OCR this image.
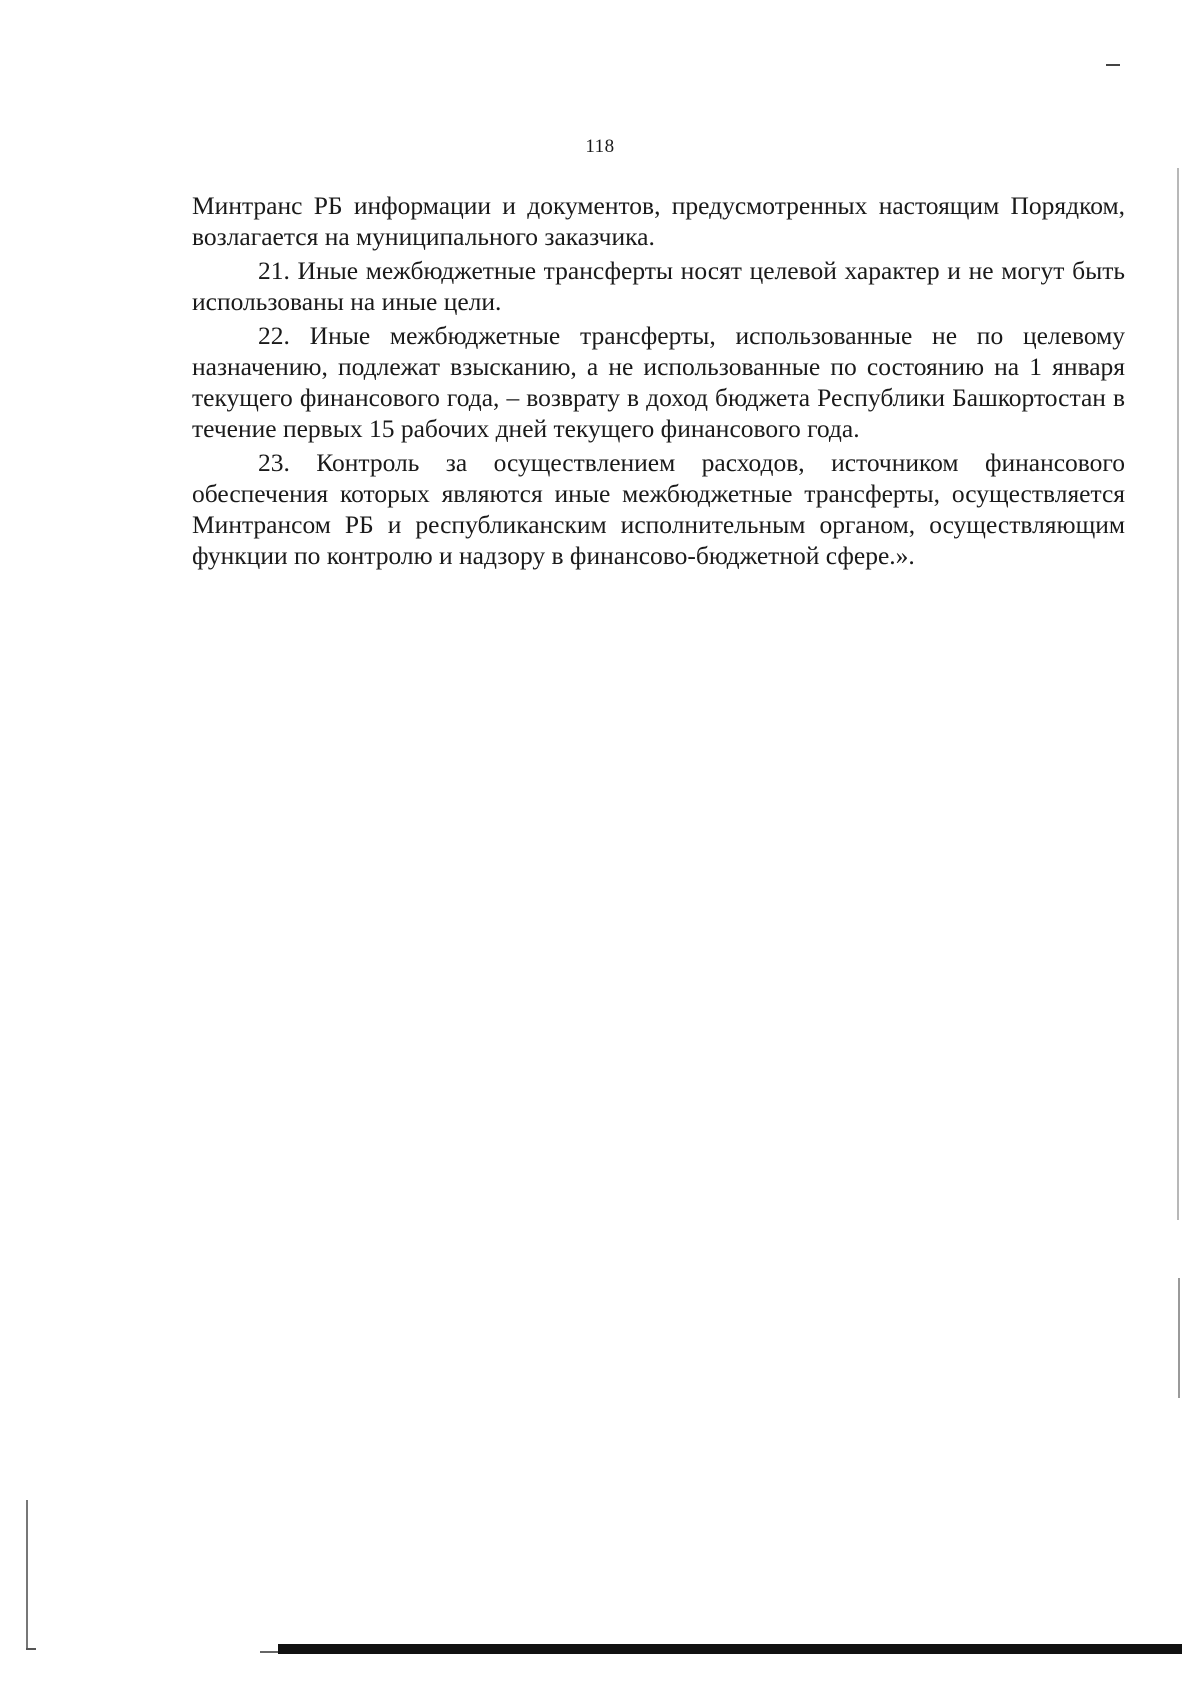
118

Минтранс РБ информации и документов, предусмотренных настоящим Порядком, возлагается на муниципального заказчика.

21. Иные межбюджетные трансферты носят целевой характер и не могут быть использованы на иные цели.

22. Иные межбюджетные трансферты, использованные не по целевому назначению, подлежат взысканию, а не использованные по состоянию на 1 января текущего финансового года, – возврату в доход бюджета Республики Башкортостан в течение первых 15 рабочих дней текущего финансового года.

23. Контроль за осуществлением расходов, источником финансового обеспечения которых являются иные межбюджетные трансферты, осуществляется Минтрансом РБ и республиканским исполнительным органом, осуществляющим функции по контролю и надзору в финансово-бюджетной сфере.».
